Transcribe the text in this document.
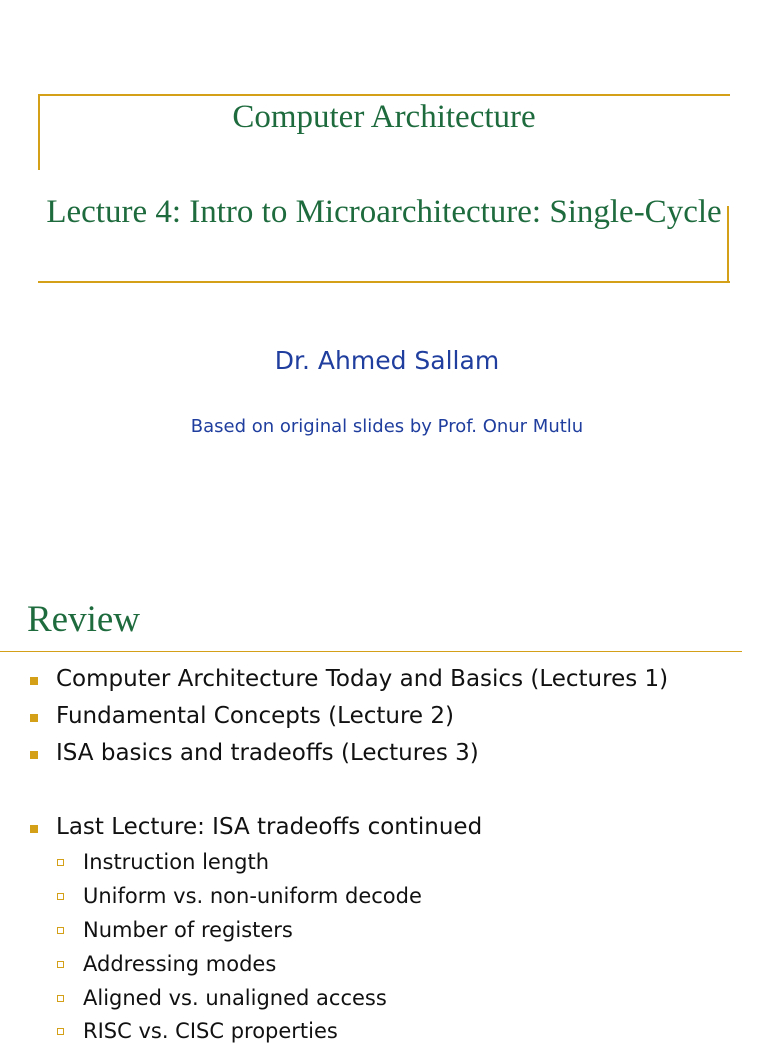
Computer Architecture
Lecture 4: Intro to Microarchitecture: Single-Cycle
Dr. Ahmed Sallam
Based on original slides by Prof. Onur Mutlu
Review
Computer Architecture Today and Basics (Lectures 1)
Fundamental Concepts (Lecture 2)
ISA basics and tradeoffs (Lectures 3)
Last Lecture: ISA tradeoffs continued
Instruction length
Uniform vs. non-uniform decode
Number of registers
Addressing modes
Aligned vs. unaligned access
RISC vs. CISC properties
